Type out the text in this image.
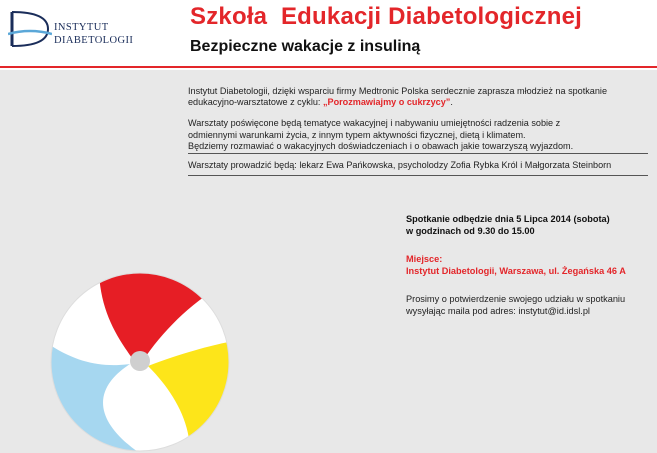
INSTYTUT
DIABETOLOGII
Szkoła  Edukacji Diabetologicznej
Bezpieczne wakacje z insuliną

Instytut Diabetologii, dzięki wsparciu firmy Medtronic Polska serdecznie zaprasza młodzież na spotkanie edukacyjno-warsztatowe z cyklu: „Porozmawiajmy o cukrzycy”.

Warsztaty poświęcone będą tematyce wakacyjnej i nabywaniu umiejętności radzenia sobie z
odmiennymi warunkami życia, z innym typem aktywności fizycznej, dietą i klimatem.
Będziemy rozmawiać o wakacyjnych doświadczeniach i o obawach jakie towarzyszą wyjazdom.

Warsztaty prowadzić będą: lekarz Ewa Pańkowska, psycholodzy Zofia Rybka Król i Małgorzata Steinborn
Spotkanie odbędzie dnia 5 Lipca 2014 (sobota)
w godzinach od 9.30 do 15.00
Miejsce:
Instytut Diabetologii, Warszawa, ul. Żegańska 46 A
Prosimy o potwierdzenie swojego udziału w spotkaniu
wysyłając maila pod adres: instytut@id.idsl.pl
